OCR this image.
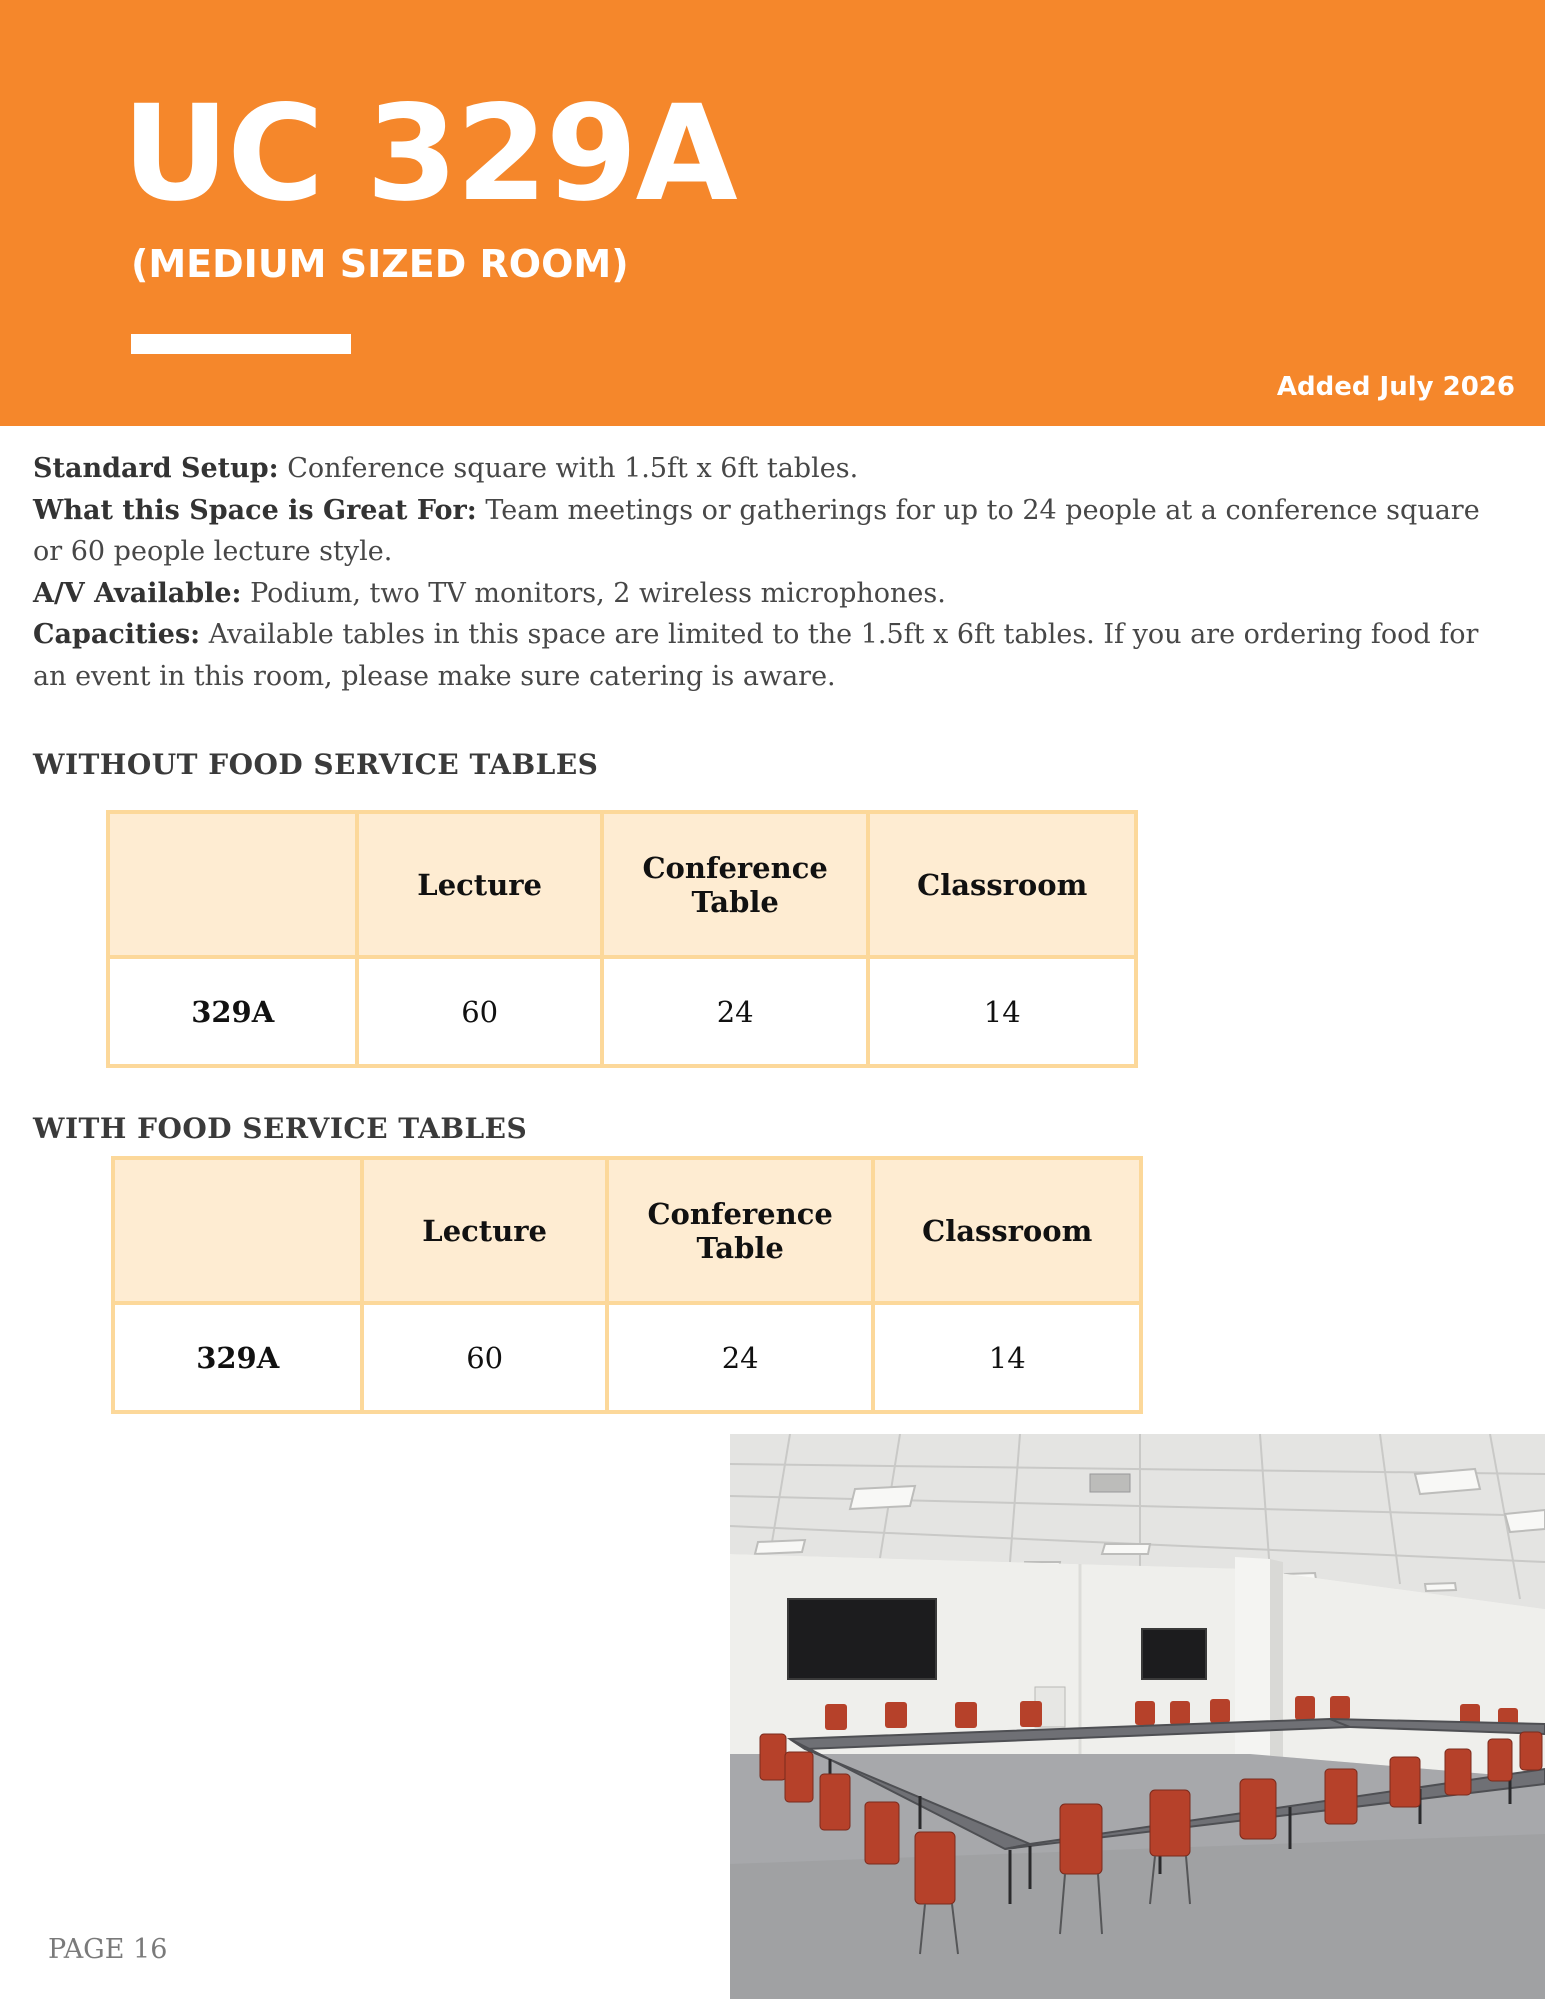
UC 329A
(MEDIUM SIZED ROOM)
Added July 2026

Standard Setup: Conference square with 1.5ft x 6ft tables.

What this Space is Great For: Team meetings or gatherings for up to 24 people at a conference square or 60 people lecture style.

A/V Available: Podium, two TV monitors, 2 wireless microphones.

Capacities: Available tables in this space are limited to the 1.5ft x 6ft tables. If you are ordering food for an event in this room, please make sure catering is aware.

WITHOUT FOOD SERVICE TABLES
	Lecture	Conference Table	Classroom
329A	60	24	14
WITH FOOD SERVICE TABLES
	Lecture	Conference Table	Classroom
329A	60	24	14
PAGE 16
